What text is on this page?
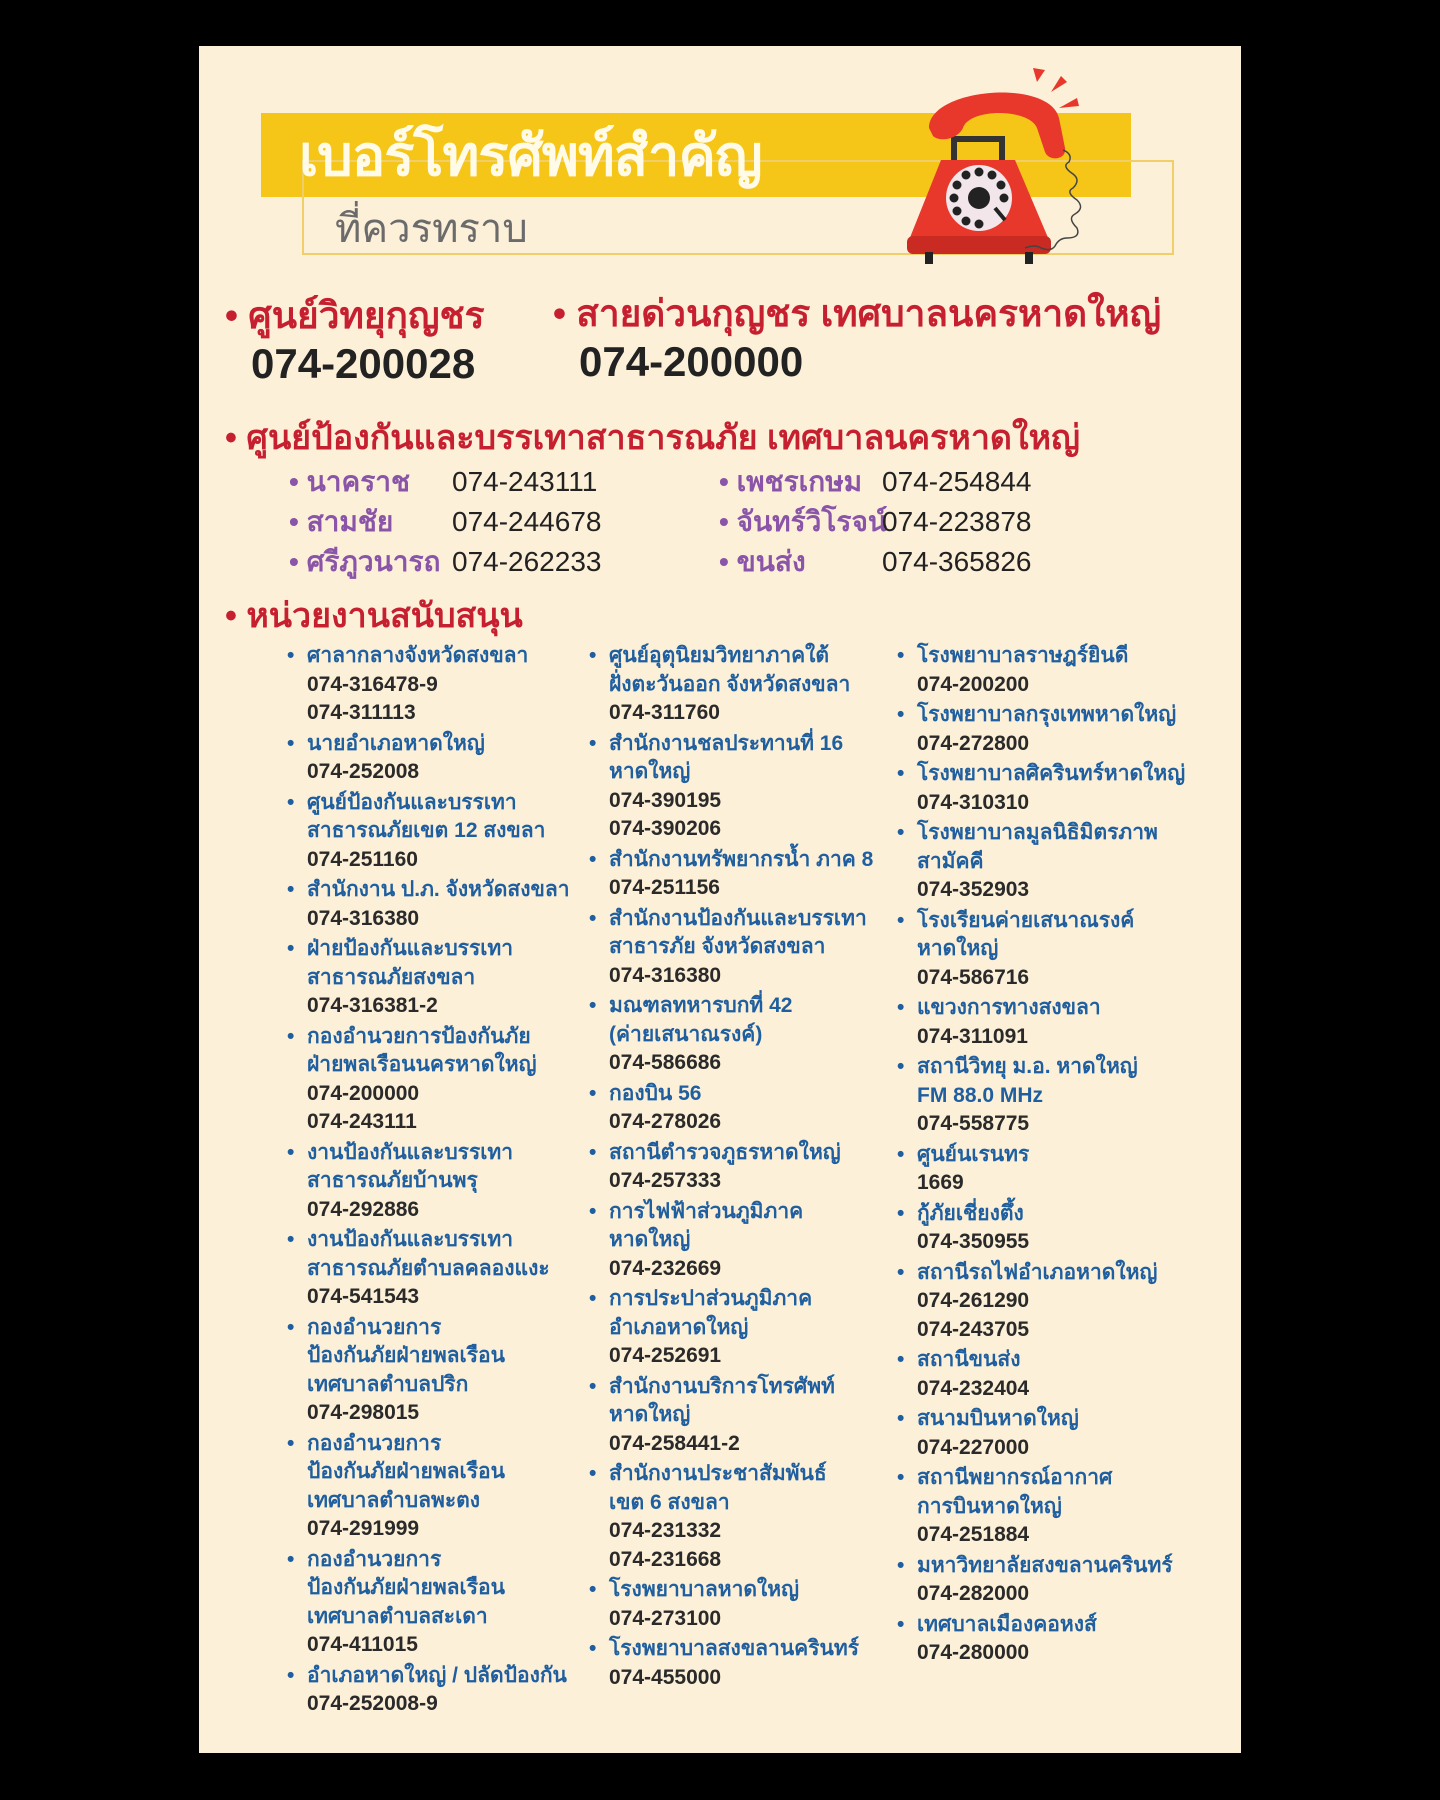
เบอร์โทรศัพท์สำคัญ
ที่ควรทราบ
• ศูนย์วิทยุกุญชร
074-200028
• สายด่วนกุญชร เทศบาลนครหาดใหญ่
074-200000
• ศูนย์ป้องกันและบรรเทาสาธารณภัย เทศบาลนครหาดใหญ่
• นาคราช 074-243111	• เพชรเกษม 074-254844
• สามชัย 074-244678	• จันทร์วิโรจน์074-223878
• ศรีภูวนารถ 074-262233	• ขนส่ง	074-365826
• หน่วยงานสนับสนุน
• ศาลากลางจังหวัดสงขลา
074-316478-9
074-311113
• นายอำเภอหาดใหญ่
074-252008
• ศูนย์ป้องกันและบรรเทา
สาธารณภัยเขต 12 สงขลา
074-251160
• สำนักงาน ป.ภ. จังหวัดสงขลา
074-316380
• ฝ่ายป้องกันและบรรเทา
สาธารณภัยสงขลา
074-316381-2
• กองอำนวยการป้องกันภัย
ฝ่ายพลเรือนนครหาดใหญ่
074-200000
074-243111
• งานป้องกันและบรรเทา
สาธารณภัยบ้านพรุ
074-292886
• งานป้องกันและบรรเทา
สาธารณภัยตำบลคลองแงะ
074-541543
• กองอำนวยการ
ป้องกันภัยฝ่ายพลเรือน
เทศบาลตำบลปริก
074-298015
• กองอำนวยการ
ป้องกันภัยฝ่ายพลเรือน
เทศบาลตำบลพะตง
074-291999
• กองอำนวยการ
ป้องกันภัยฝ่ายพลเรือน
เทศบาลตำบลสะเดา
074-411015
• อำเภอหาดใหญ่ / ปลัดป้องกัน
074-252008-9
• ศูนย์อุตุนิยมวิทยาภาคใต้
ฝั่งตะวันออก จังหวัดสงขลา
074-311760
• สำนักงานชลประทานที่ 16
หาดใหญ่
074-390195
074-390206
• สำนักงานทรัพยากรน้ำ ภาค 8
074-251156
• สำนักงานป้องกันและบรรเทา
สาธารภัย จังหวัดสงขลา
074-316380
• มณฑลทหารบกที่ 42
(ค่ายเสนาณรงค์)
074-586686
• กองบิน 56
074-278026
• สถานีตำรวจภูธรหาดใหญ่
074-257333
• การไฟฟ้าส่วนภูมิภาค
หาดใหญ่
074-232669
• การประปาส่วนภูมิภาค
อำเภอหาดใหญ่
074-252691
• สำนักงานบริการโทรศัพท์
หาดใหญ่
074-258441-2
• สำนักงานประชาสัมพันธ์
เขต 6 สงขลา
074-231332
074-231668
• โรงพยาบาลหาดใหญ่
074-273100
• โรงพยาบาลสงขลานครินทร์
074-455000
• โรงพยาบาลราษฎร์ยินดี
074-200200
• โรงพยาบาลกรุงเทพหาดใหญ่
074-272800
• โรงพยาบาลศิครินทร์หาดใหญ่
074-310310
• โรงพยาบาลมูลนิธิมิตรภาพ
สามัคคี
074-352903
• โรงเรียนค่ายเสนาณรงค์
หาดใหญ่
074-586716
• แขวงการทางสงขลา
074-311091
• สถานีวิทยุ ม.อ. หาดใหญ่
FM 88.0 MHz
074-558775
• ศูนย์นเรนทร
1669
• กู้ภัยเชี่ยงตึ้ง
074-350955
• สถานีรถไฟอำเภอหาดใหญ่
074-261290
074-243705
• สถานีขนส่ง
074-232404
• สนามบินหาดใหญ่
074-227000
• สถานีพยากรณ์อากาศ
การบินหาดใหญ่
074-251884
• มหาวิทยาลัยสงขลานครินทร์
074-282000
• เทศบาลเมืองคอหงส์
074-280000
